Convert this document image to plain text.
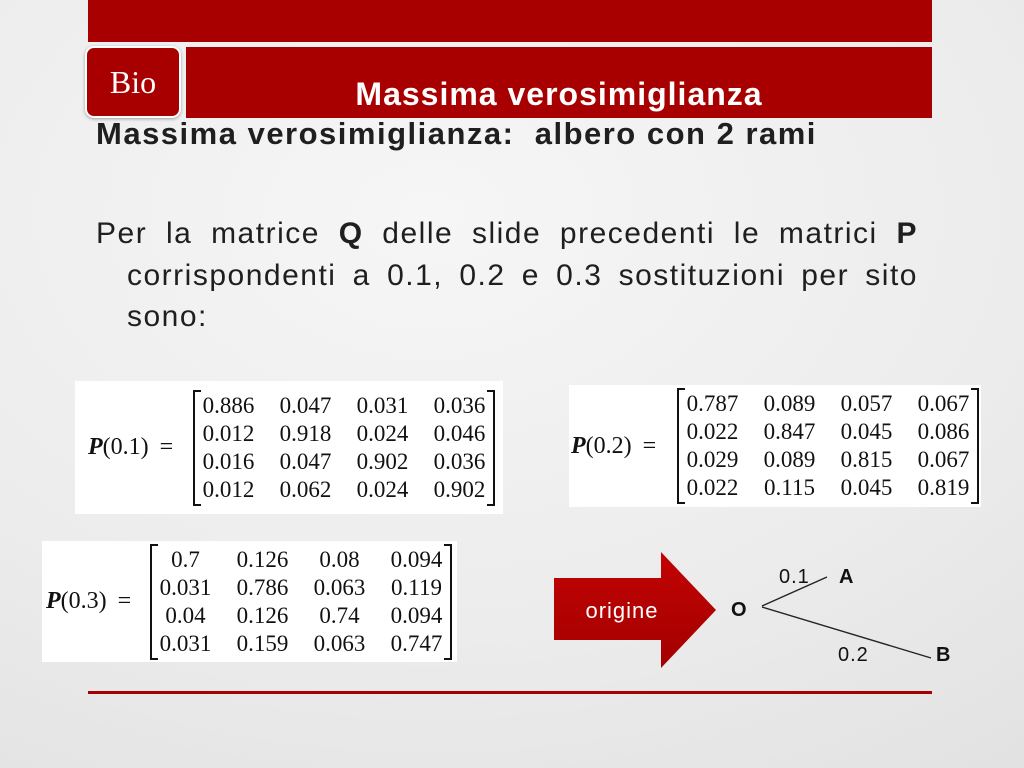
Bio	Massima verosimiglianza
Massima verosimiglianza:  albero con 2 rami
Per la matrice Q delle slide precedenti le matrici P
corrispondenti a 0.1, 0.2 e 0.3 sostituzioni per sito
sono:
P(0.1) =
0.886 0.047 0.031 0.036
0.012 0.918 0.024 0.046
0.016 0.047 0.902 0.036
0.012 0.062 0.024 0.902
P(0.2) =
0.787 0.089 0.057 0.067
0.022 0.847 0.045 0.086
0.029 0.089 0.815 0.067
0.022 0.115 0.045 0.819
P(0.3) =
0.7	0.126	0.08	0.094
0.031 0.786 0.063 0.119
0.04	0.126	0.74	0.094
0.031 0.159 0.063 0.747
origine	O
0.1 A
0.2	B
